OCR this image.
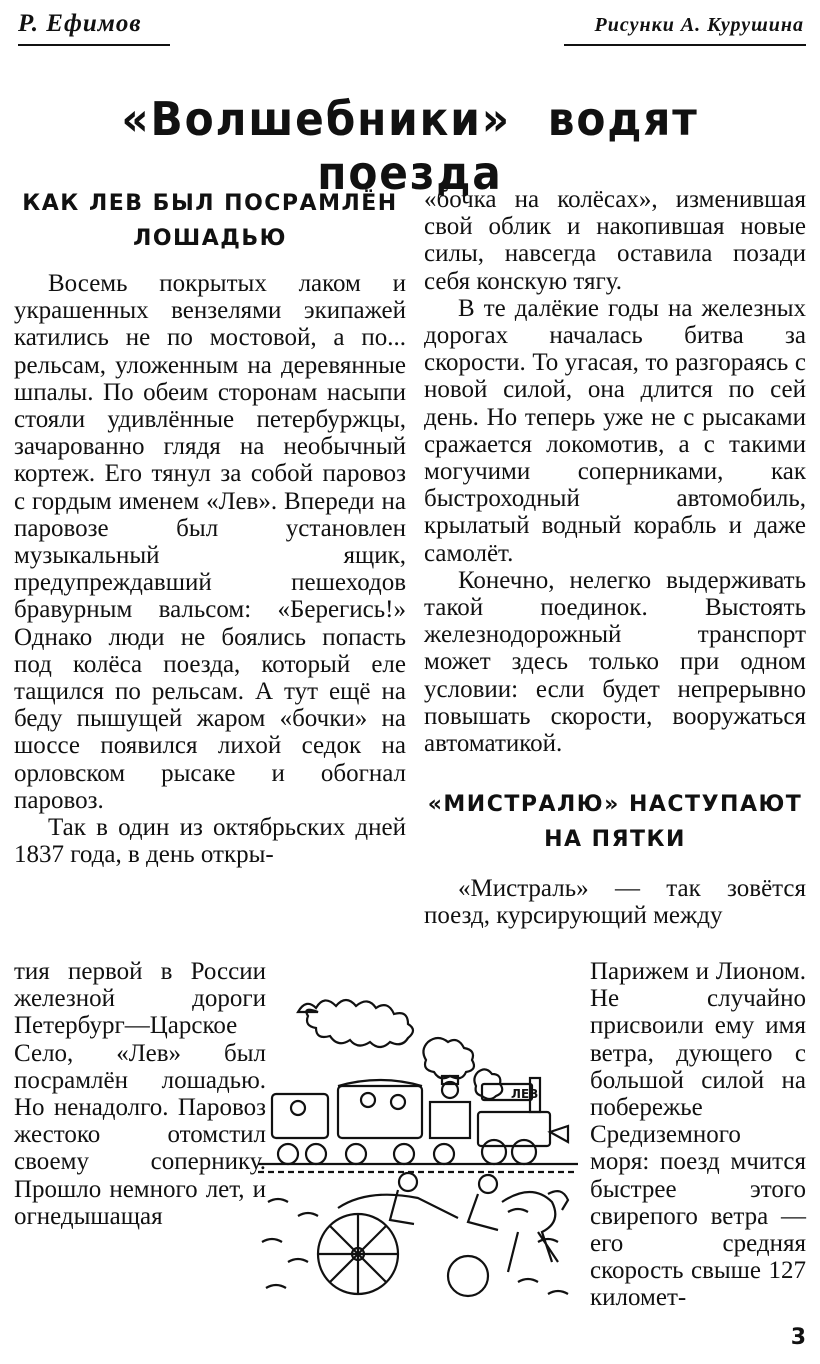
Р. Ефимов	Рисунки А. Курушина
«Волшебники» водят поезда
КАК ЛЕВ БЫЛ ПОСРАМЛЁН ЛОШАДЬЮ

Восемь покрытых лаком и украшенных вензелями экипажей катились не по мостовой, а по... рельсам, уложенным на деревянные шпалы. По обеим сторонам насыпи стояли удивлённые петербуржцы, зачарованно глядя на необычный кортеж. Его тянул за собой паровоз с гордым именем «Лев». Впереди на паровозе был установлен музыкальный ящик, предупреждавший пешеходов бравурным вальсом: «Берегись!» Однако люди не боялись попасть под колёса поезда, который еле тащился по рельсам. А тут ещё на беду пышущей жаром «бочки» на шоссе появился лихой седок на орловском рысаке и обогнал паровоз.

Так в один из октябрьских дней 1837 года, в день откры-

«бочка на колёсах», изменившая свой облик и накопившая новые силы, навсегда оставила позади себя конскую тягу.

В те далёкие годы на железных дорогах началась битва за скорости. То угасая, то разгораясь с новой силой, она длится по сей день. Но теперь уже не с рысаками сражается локомотив, а с такими могучими соперниками, как быстроходный автомобиль, крылатый водный корабль и даже самолёт.

Конечно, нелегко выдерживать такой поединок. Выстоять железнодорожный транспорт может здесь только при одном условии: если будет непрерывно повышать скорости, вооружаться автоматикой.

«МИСТРАЛЮ» НАСТУПАЮТ НА ПЯТКИ

«Мистраль» — так зовётся поезд, курсирующий между

тия первой в России железной дороги Петербург—Царское Село, «Лев» был посрамлён лошадью. Но ненадолго. Паровоз жестоко отомстил своему сопернику. Прошло немного лет, и огнедышащая

Парижем и Лионом. Не случайно присвоили ему имя ветра, дующего с большой силой на побережье Средиземного моря: поезд мчится быстрее этого свирепого ветра — его средняя скорость свыше 127 километ-

ЛЕВ
3
